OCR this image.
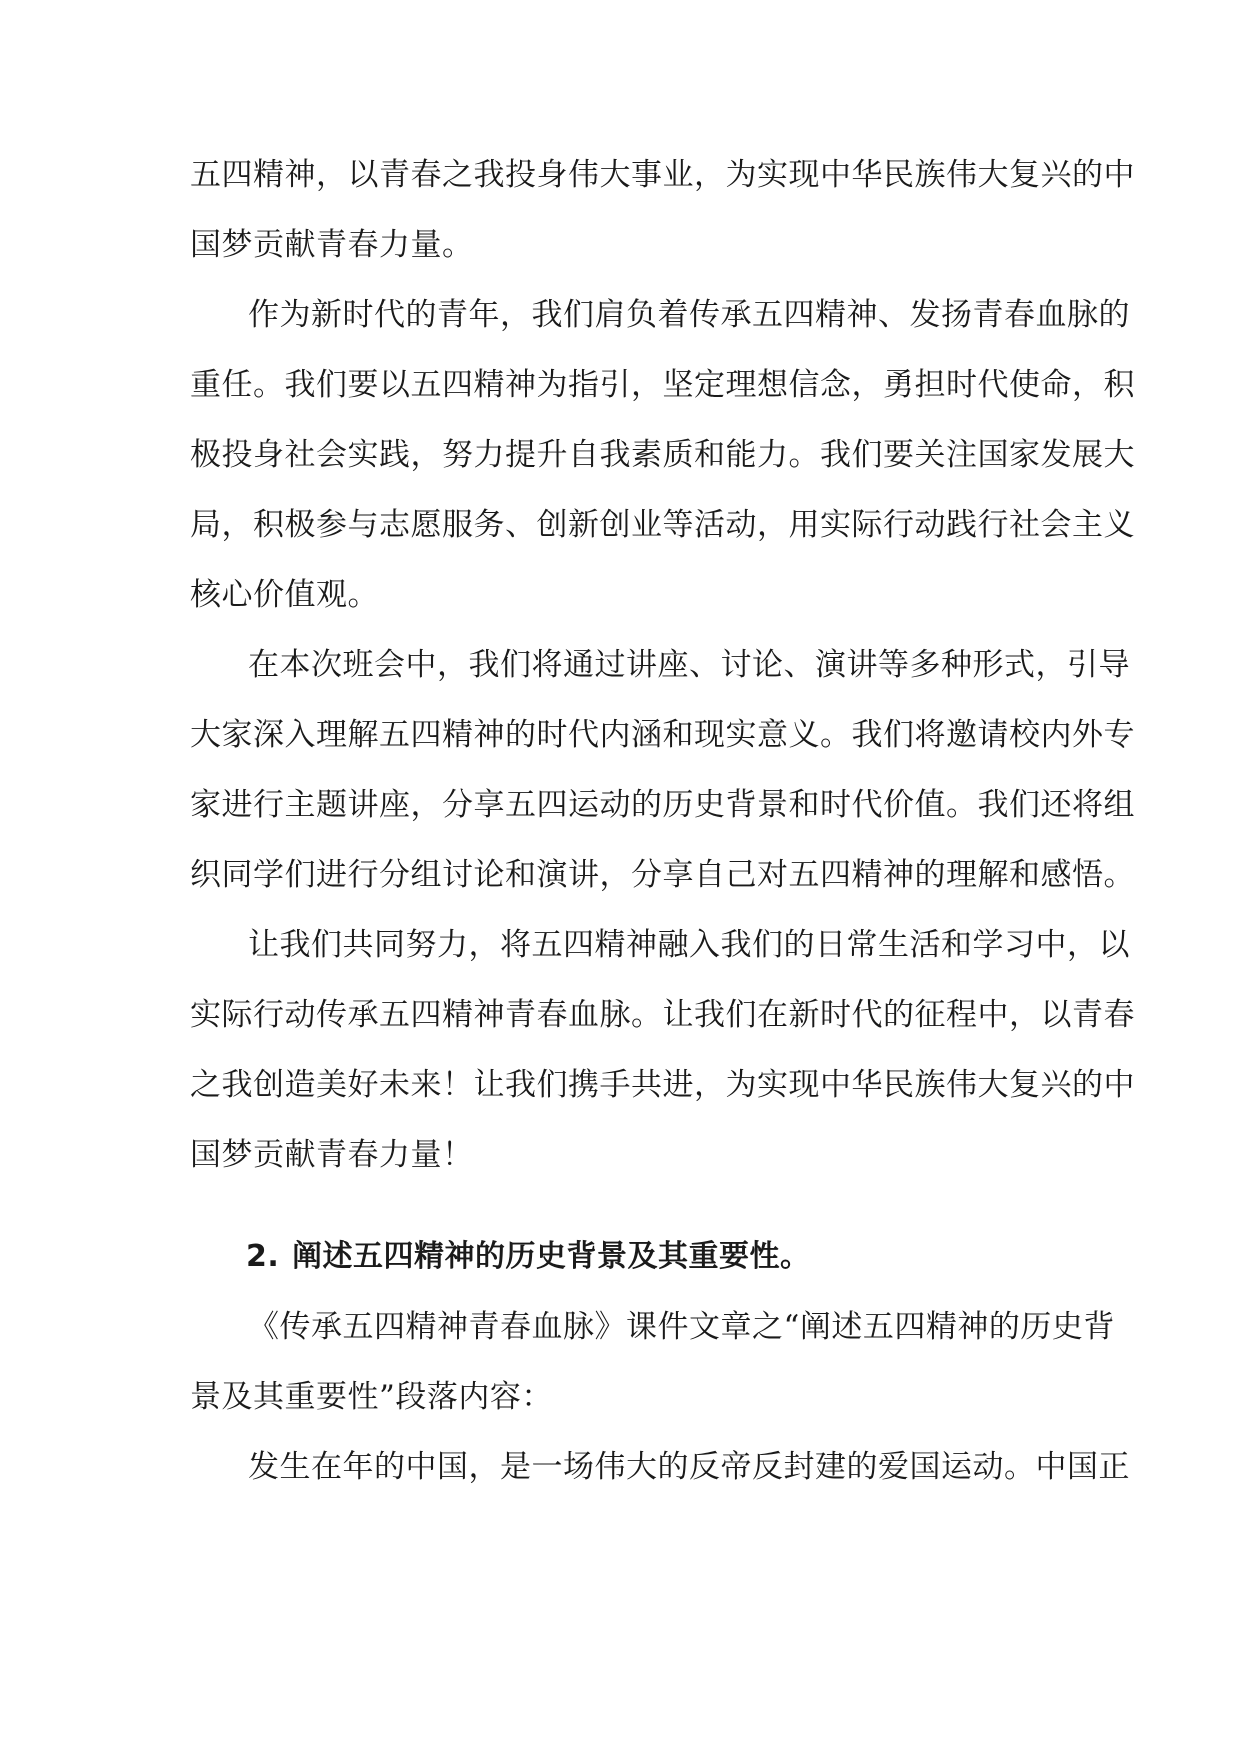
五四精神，以青春之我投身伟大事业，为实现中华民族伟大复兴的中
国梦贡献青春力量。
作为新时代的青年，我们肩负着传承五四精神、发扬青春血脉的
重任。我们要以五四精神为指引，坚定理想信念，勇担时代使命，积
极投身社会实践，努力提升自我素质和能力。我们要关注国家发展大
局，积极参与志愿服务、创新创业等活动，用实际行动践行社会主义
核心价值观。
在本次班会中，我们将通过讲座、讨论、演讲等多种形式，引导
大家深入理解五四精神的时代内涵和现实意义。我们将邀请校内外专
家进行主题讲座，分享五四运动的历史背景和时代价值。我们还将组
织同学们进行分组讨论和演讲，分享自己对五四精神的理解和感悟。
让我们共同努力，将五四精神融入我们的日常生活和学习中，以
实际行动传承五四精神青春血脉。让我们在新时代的征程中，以青春
之我创造美好未来！让我们携手共进，为实现中华民族伟大复兴的中
国梦贡献青春力量！
2. 阐述五四精神的历史背景及其重要性。
《传承五四精神青春血脉》课件文章之“阐述五四精神的历史背
景及其重要性”段落内容：
发生在年的中国，是一场伟大的反帝反封建的爱国运动。中国正
